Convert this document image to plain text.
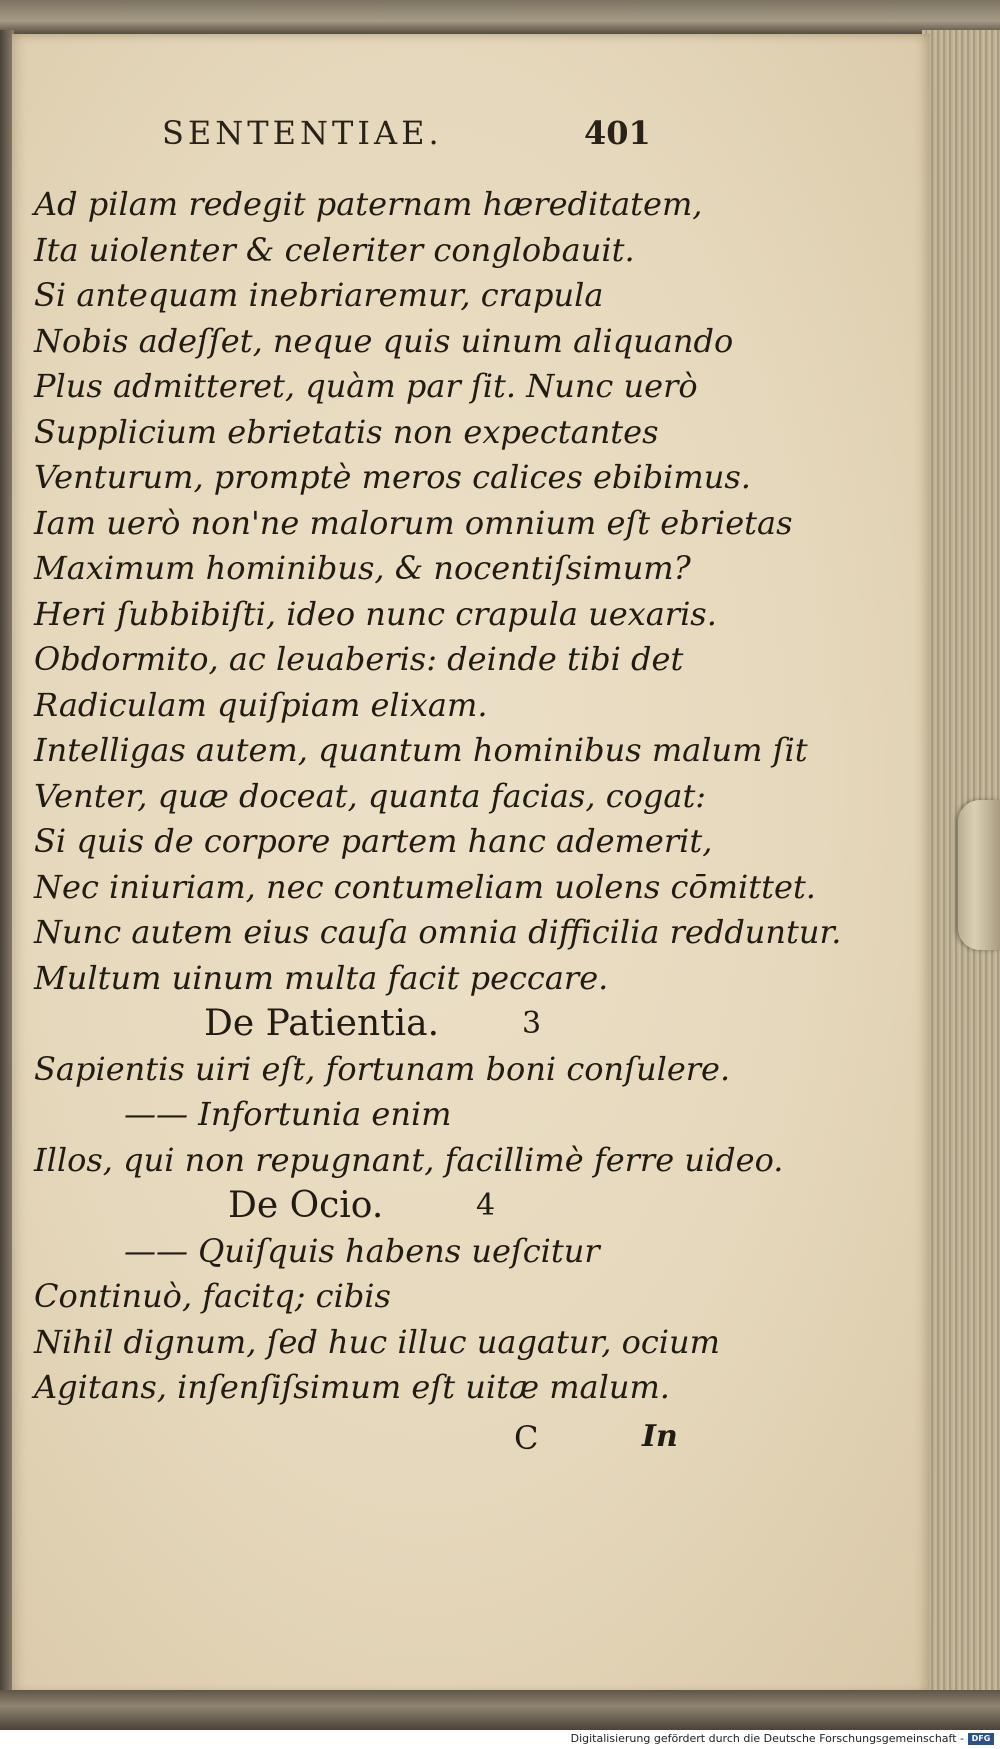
SENTENTIAE.	401
Ad pilam redegit paternam hæreditatem,
Ita uiolenter & celeriter conglobauit.
Si antequam inebriaremur, crapula
Nobis adeſſet, neque quis uinum aliquando
Plus admitteret, quàm par ſit. Nunc uerò
Supplicium ebrietatis non expectantes
Venturum, promptè meros calices ebibimus.
Iam uerò non'ne malorum omnium eſt ebrietas
Maximum hominibus, & nocentiſsimum?
Heri ſubbibiſti, ideo nunc crapula uexaris.
Obdormito, ac leuaberis: deinde tibi det
Radiculam quiſpiam elixam.
Intelligas autem, quantum hominibus malum ſit
Venter, quæ doceat, quanta facias, cogat:
Si quis de corpore partem hanc ademerit,
Nec iniuriam, nec contumeliam uolens cōmittet.
Nunc autem eius cauſa omnia difficilia redduntur.
Multum uinum multa facit peccare.
De Patientia.	3
Sapientis uiri eſt, fortunam boni conſulere.
—— Infortunia enim
Illos, qui non repugnant, facillimè ferre uideo.
De Ocio.	4
—— Quiſquis habens ueſcitur
Continuò, facitq; cibis
Nihil dignum, ſed huc illuc uagatur, ocium
Agitans, inſenſiſsimum eſt uitæ malum.
C	In
Digitalisierung gefördert durch die Deutsche Forschungsgemeinschaft - DFG
